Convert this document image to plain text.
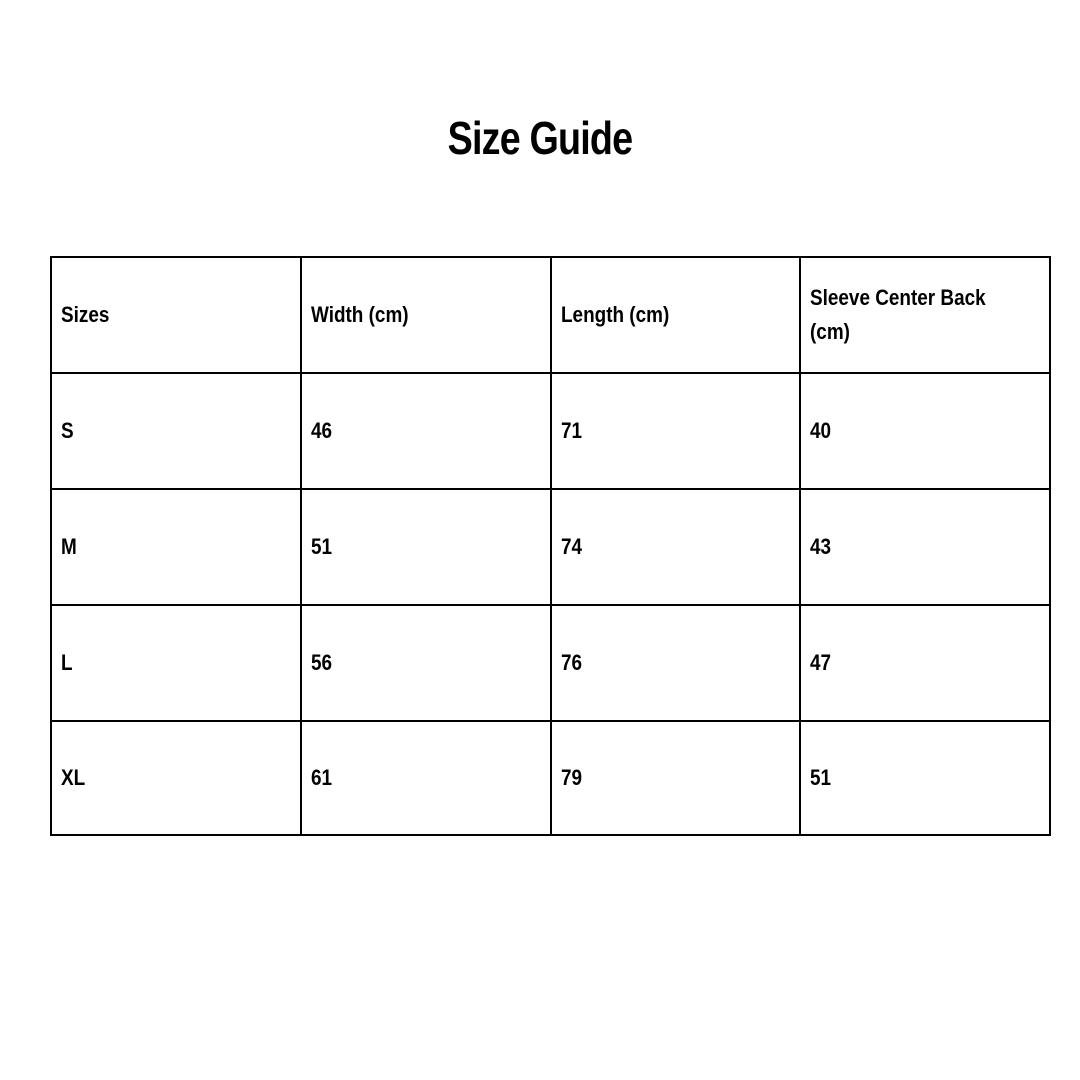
Size Guide
Sizes	Width (cm)	Length (cm)	Sleeve Center Back (cm)
S	46	71	40
M	51	74	43
L	56	76	47
XL	61	79	51
